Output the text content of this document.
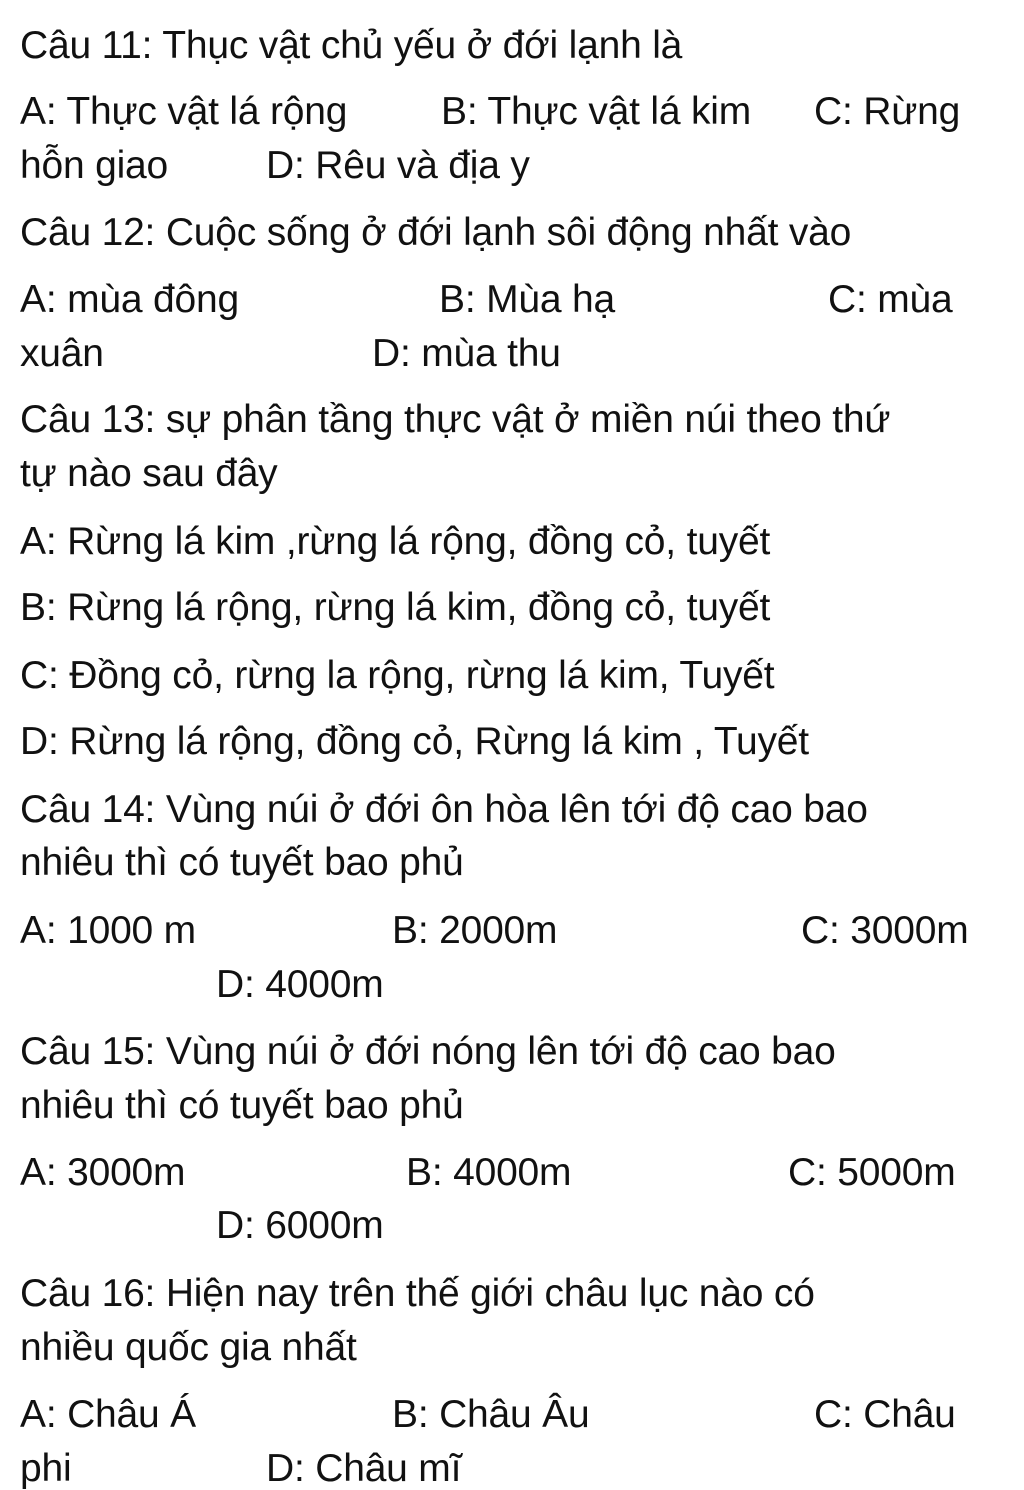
Câu 11: Thục vật chủ yếu ở đới lạnh là
A: Thực vật lá rộng B: Thực vật lá kim C: Rừng
hỗn giao	D: Rêu và địa y
Câu 12: Cuộc sống ở đới lạnh sôi động nhất vào
A: mùa đông	B: Mùa hạ	C: mùa
xuân	D: mùa thu
Câu 13: sự phân tầng thực vật ở miền núi theo thứ
tự nào sau đây
A: Rừng lá kim ,rừng lá rộng, đồng cỏ, tuyết
B: Rừng lá rộng, rừng lá kim, đồng cỏ, tuyết
C: Đồng cỏ, rừng la rộng, rừng lá kim, Tuyết
D: Rừng lá rộng, đồng cỏ, Rừng lá kim , Tuyết
Câu 14: Vùng núi ở đới ôn hòa lên tới độ cao bao
nhiêu thì có tuyết bao phủ
A: 1000 m	B: 2000m	C: 3000m
D: 4000m
Câu 15: Vùng núi ở đới nóng lên tới độ cao bao
nhiêu thì có tuyết bao phủ
A: 3000m	B: 4000m	C: 5000m
D: 6000m
Câu 16: Hiện nay trên thế giới châu lục nào có
nhiều quốc gia nhất
A: Châu Á	B: Châu Âu	C: Châu
phi	D: Châu mĩ
